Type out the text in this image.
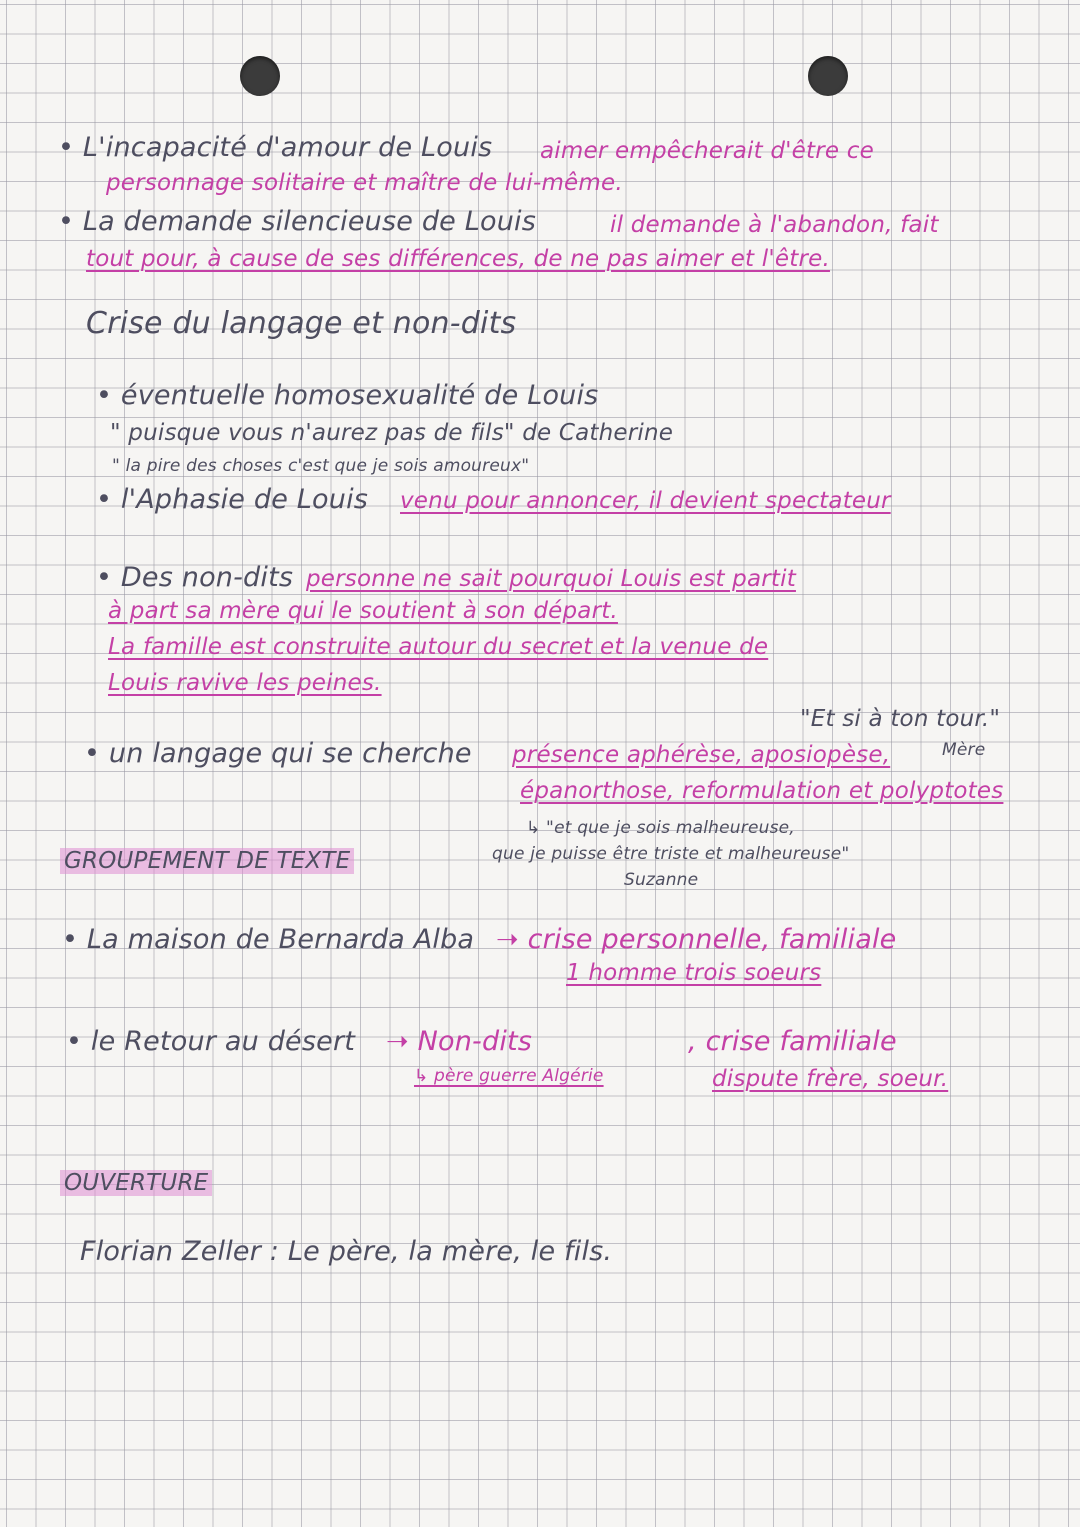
• L'incapacité d'amour de Louis aimer empêcherait d'être ce
personnage solitaire et maître de lui-même.
• La demande silencieuse de Louis	il demande à l'abandon, fait
tout pour, à cause de ses différences, de ne pas aimer et l'être.
Crise du langage et non-dits
• éventuelle homosexualité de Louis
" puisque vous n'aurez pas de fils" de Catherine
" la pire des choses c'est que je sois amoureux"
• l'Aphasie de Louis venu pour annoncer, il devient spectateur
• Des non-dits personne ne sait pourquoi Louis est partit
à part sa mère qui le soutient à son départ.
La famille est construite autour du secret et la venue de
Louis ravive les peines.
"Et si à ton tour."
Mère
• un langage qui se cherche présence aphérèse, aposiopèse,
épanorthose, reformulation et polyptotes
↳ "et que je sois malheureuse,
que je puisse être triste et malheureuse"
Suzanne
GROUPEMENT DE TEXTE
• La maison de Bernarda Alba ➝ crise personnelle, familiale
1 homme trois soeurs
• le Retour au désert ➝ Non-dits	, crise familiale
↳ père guerre Algérie	dispute frère, soeur.
OUVERTURE
Florian Zeller : Le père, la mère, le fils.
